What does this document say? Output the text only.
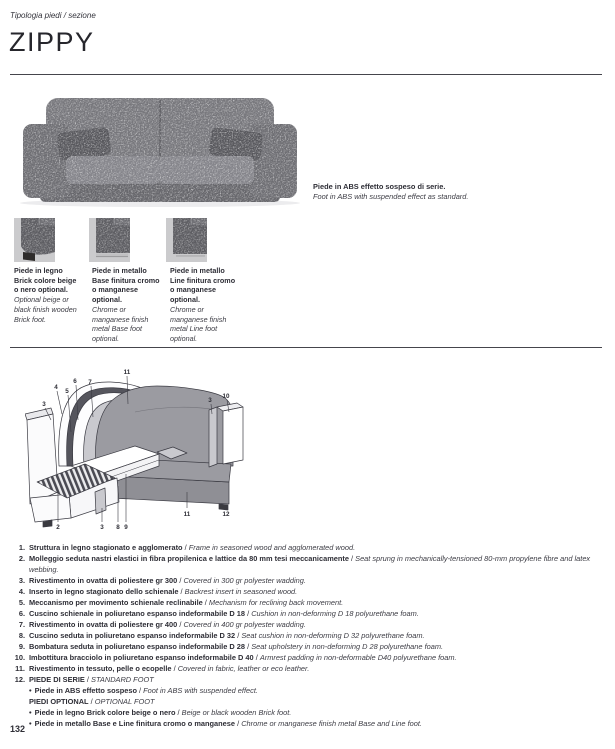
Tipologia piedi / sezione
ZIPPY
Piede in ABS effetto sospeso di serie.
Foot in ABS with suspended effect as standard.
Piede in legno Brick colore beige o nero optional.
Optional beige or black finish wooden Brick foot.
Piede in metallo Base finitura cromo o manganese optional.
Chrome or manganese finish metal Base foot optional.
Piede in metallo Line finitura cromo o manganese optional.
Chrome or manganese finish metal Line foot optional.
3
4
5
6 7
11
3
10
2	3 8 9
11	12
1. Struttura in legno stagionato e agglomerato / Frame in seasoned wood and agglomerated wood.
2. Molleggio seduta nastri elastici in fibra propilenica e lattice da 80 mm tesi meccanicamente / Seat sprung in mechanically-tensioned 80-mm propylene fibre and latex webbing.
3. Rivestimento in ovatta di poliestere gr 300 / Covered in 300 gr polyester wadding.
4. Inserto in legno stagionato dello schienale / Backrest insert in seasoned wood.
5. Meccanismo per movimento schienale reclinabile / Mechanism for reclining back movement.
6. Cuscino schienale in poliuretano espanso indeformabile D 18 / Cushion in non-deforming D 18 polyurethane foam.
7. Rivestimento in ovatta di poliestere gr 400 / Covered in 400 gr polyester wadding.
8. Cuscino seduta in poliuretano espanso indeformabile D 32 / Seat cushion in non-deforming D 32 polyurethane foam.
9. Bombatura seduta in poliuretano espanso indeformabile D 28 / Seat upholstery in non-deforming D 28 polyurethane foam.
10. Imbottitura bracciolo in poliuretano espanso indeformabile D 40 / Armrest padding in non-deformable D40 polyurethane foam.
11. Rivestimento in tessuto, pelle o ecopelle / Covered in fabric, leather or eco leather.
12. PIEDE DI SERIE / STANDARD FOOT
• Piede in ABS effetto sospeso / Foot in ABS with suspended effect.
PIEDI OPTIONAL / OPTIONAL FOOT
• Piede in legno Brick colore beige o nero / Beige or black wooden Brick foot.
• Piede in metallo Base e Line finitura cromo o manganese / Chrome or manganese finish metal Base and Line foot.
132
